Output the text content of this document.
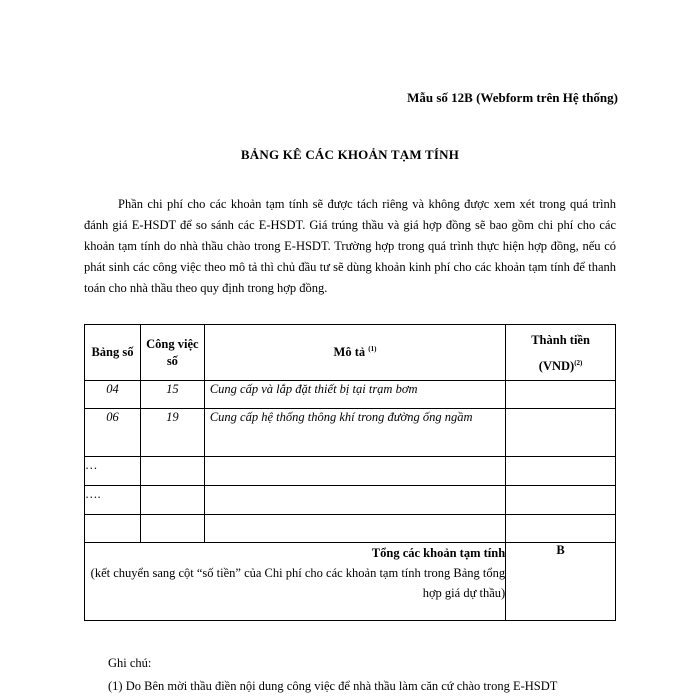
Mẫu số 12B (Webform trên Hệ thống)
BẢNG KÊ CÁC KHOẢN TẠM TÍNH

Phần chi phí cho các khoản tạm tính sẽ được tách riêng và không được xem xét trong quá trình đánh giá E-HSDT để so sánh các E-HSDT. Giá trúng thầu và giá hợp đồng sẽ bao gồm chi phí cho các khoản tạm tính do nhà thầu chào trong E-HSDT. Trường hợp trong quá trình thực hiện hợp đồng, nếu có phát sinh các công việc theo mô tả thì chủ đầu tư sẽ dùng khoản kinh phí cho các khoản tạm tính để thanh toán cho nhà thầu theo quy định trong hợp đồng.

Bảng số	Công việc số	Mô tả $^{(1)}$	Thành tiền
(VND)$^{(2)}$

04	15	Cung cấp và lắp đặt thiết bị tại trạm bơm	
06	19	Cung cấp hệ thống thông khí trong đường ống ngầm	
…			
….			

Tổng các khoản tạm tính
(kết chuyển sang cột “số tiền” của Chi phí cho các khoản tạm tính trong Bảng tổng hợp giá dự thầu)			B
Ghi chú:
(1) Do Bên mời thầu điền nội dung công việc để nhà thầu làm căn cứ chào trong E-HSDT
